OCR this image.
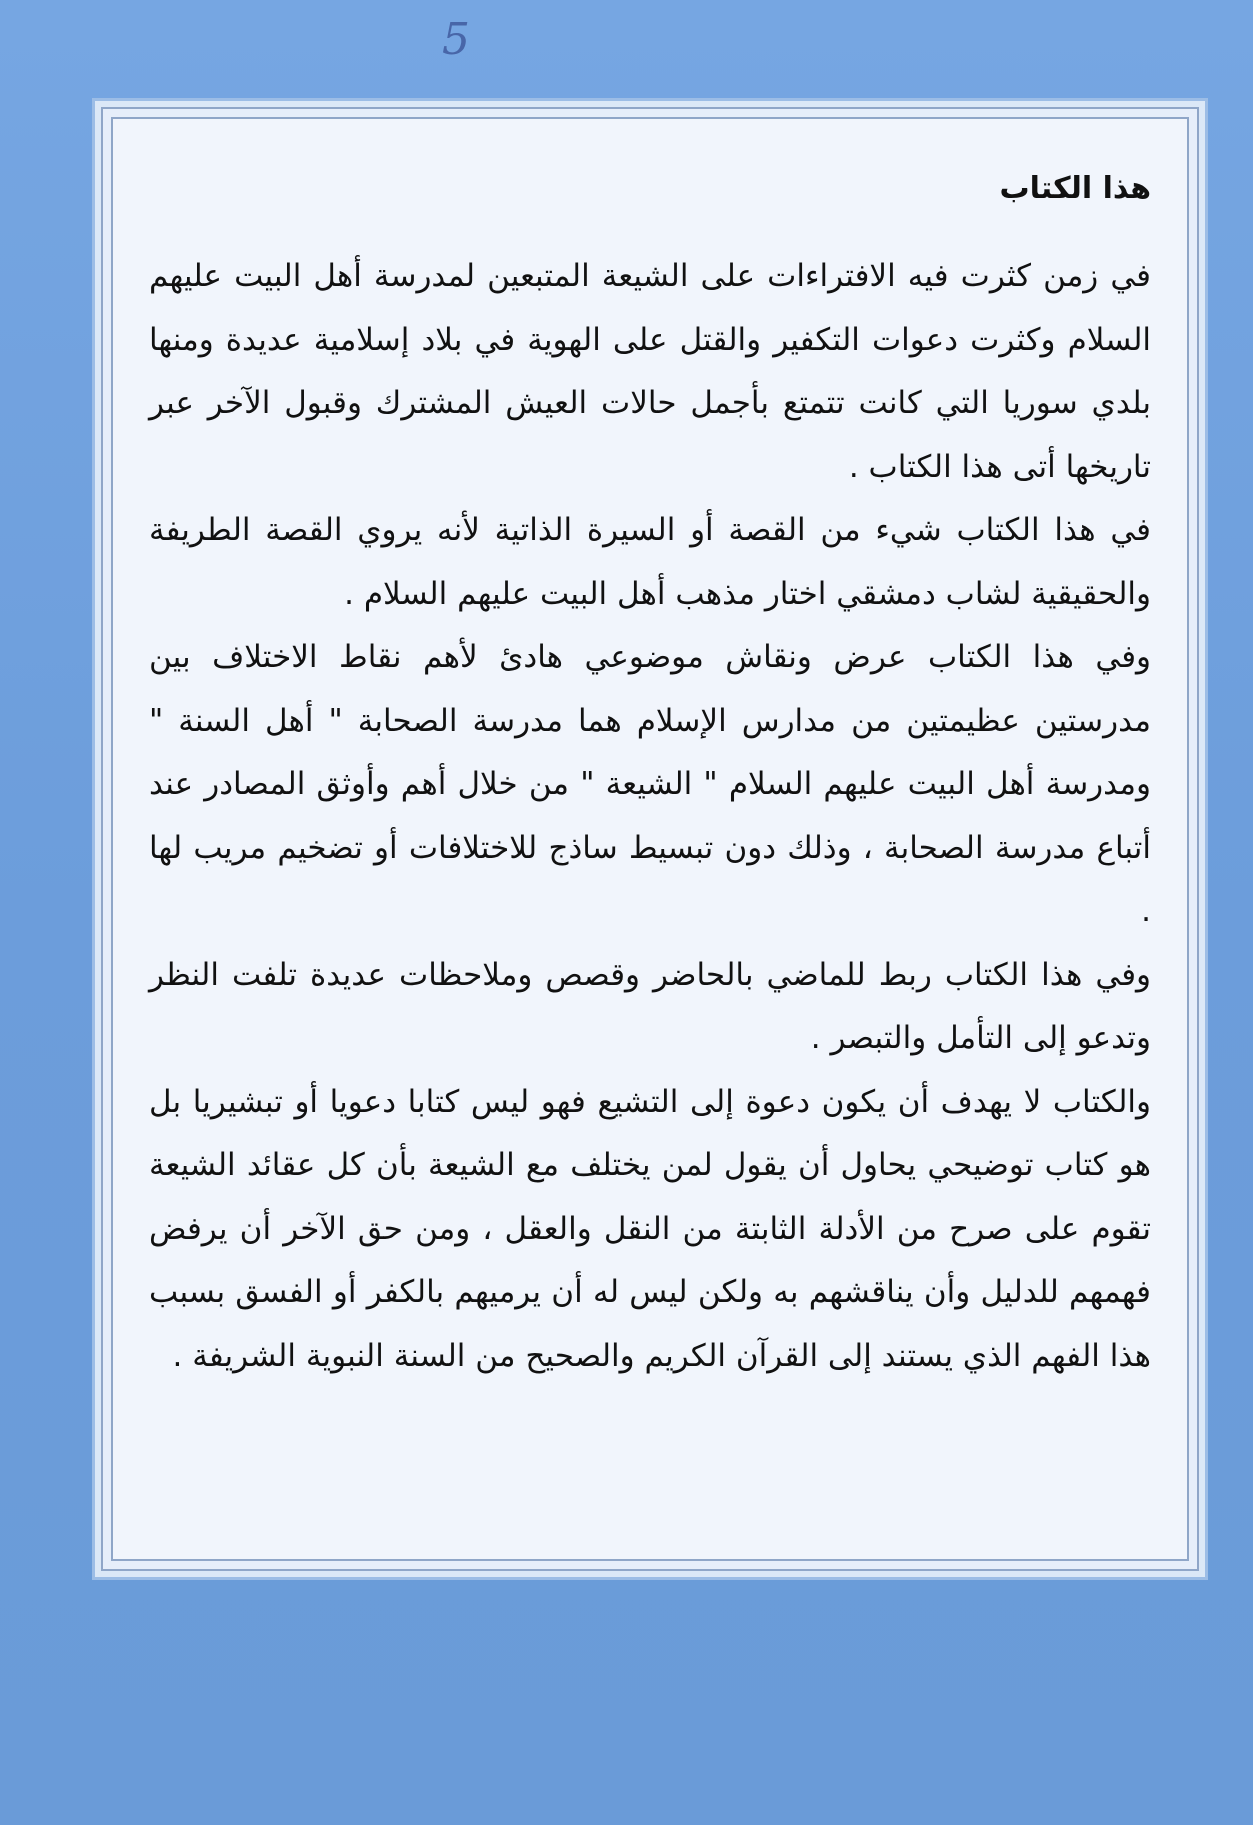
5
هذا الكتاب

في زمن كثرت فيه الافتراءات على الشيعة المتبعين لمدرسة أهل البيت عليهم السلام وكثرت دعوات التكفير والقتل على الهوية في بلاد إسلامية عديدة ومنها بلدي سوريا التي كانت تتمتع بأجمل حالات العيش المشترك وقبول الآخر عبر تاريخها أتى هذا الكتاب .

في هذا الكتاب شيء من القصة أو السيرة الذاتية لأنه يروي القصة الطريفة والحقيقية لشاب دمشقي اختار مذهب أهل البيت عليهم السلام .

وفي هذا الكتاب عرض ونقاش موضوعي هادئ لأهم نقاط الاختلاف بين مدرستين عظيمتين من مدارس الإسلام هما مدرسة الصحابة " أهل السنة " ومدرسة أهل البيت عليهم السلام " الشيعة " من خلال أهم وأوثق المصادر عند أتباع مدرسة الصحابة ، وذلك دون تبسيط ساذج للاختلافات أو تضخيم مريب لها .

وفي هذا الكتاب ربط للماضي بالحاضر وقصص وملاحظات عديدة تلفت النظر وتدعو إلى التأمل والتبصر .

والكتاب لا يهدف أن يكون دعوة إلى التشيع فهو ليس كتابا دعويا أو تبشيريا بل هو كتاب توضيحي يحاول أن يقول لمن يختلف مع الشيعة بأن كل عقائد الشيعة تقوم على صرح من الأدلة الثابتة من النقل والعقل ، ومن حق الآخر أن يرفض فهمهم للدليل وأن يناقشهم به ولكن ليس له أن يرميهم بالكفر أو الفسق بسبب هذا الفهم الذي يستند إلى القرآن الكريم والصحيح من السنة النبوية الشريفة .
